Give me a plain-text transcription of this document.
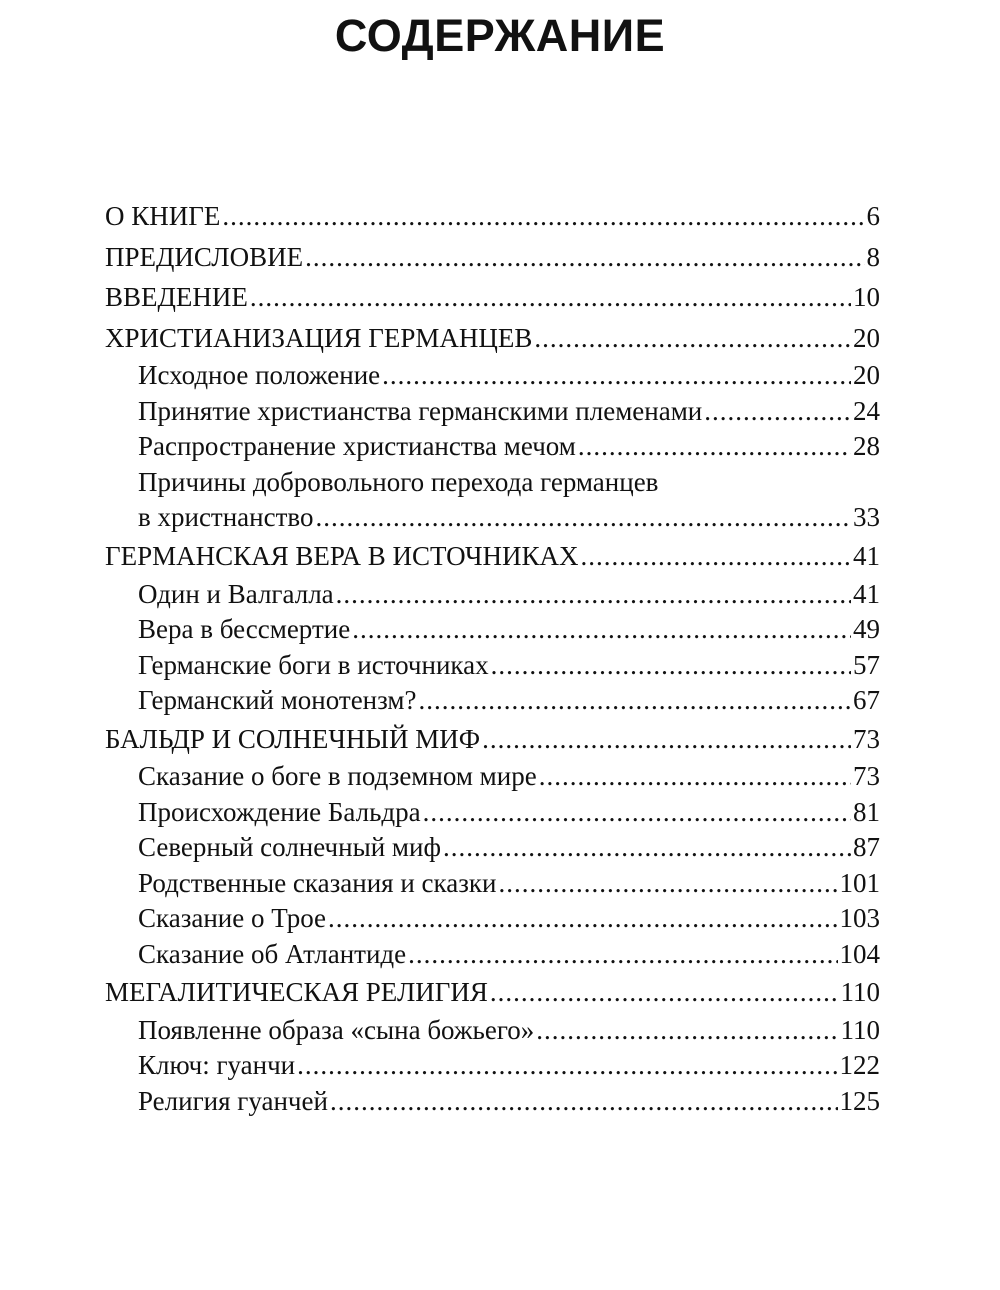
СОДЕРЖАНИЕ
О КНИГЕ .....	6
ПРЕДИСЛОВИЕ .....	8
ВВЕДЕНИЕ .....	10
ХРИСТИАНИЗАЦИЯ ГЕРМАНЦЕВ .....	20
Исходное положение .....	20
Принятие христианства германскими племенами .....	24
Распространение христианства мечом .....	28
Причины добровольного перехода германцев
в христнанство .....	33
ГЕРМАНСКАЯ ВЕРА В ИСТОЧНИКАХ .....	41
Один и Валгалла .....	41
Вера в бессмертие .....	49
Германские боги в источниках .....	57
Германский монотензм? .....	67
БАЛЬДР И СОЛНЕЧНЫЙ МИФ .....	73
Сказание о боге в подземном мире .....	73
Происхождение Бальдра .....	81
Северный солнечный миф .....	87
Родственные сказания и сказки .....	101
Сказание о Трое .....	103
Сказание об Атлантиде .....	104
МЕГАЛИТИЧЕСКАЯ РЕЛИГИЯ .....	110
Появленне образа «сына божьего» .....	110
Ключ: гуанчи .....	122
Религия гуанчей .....	125
